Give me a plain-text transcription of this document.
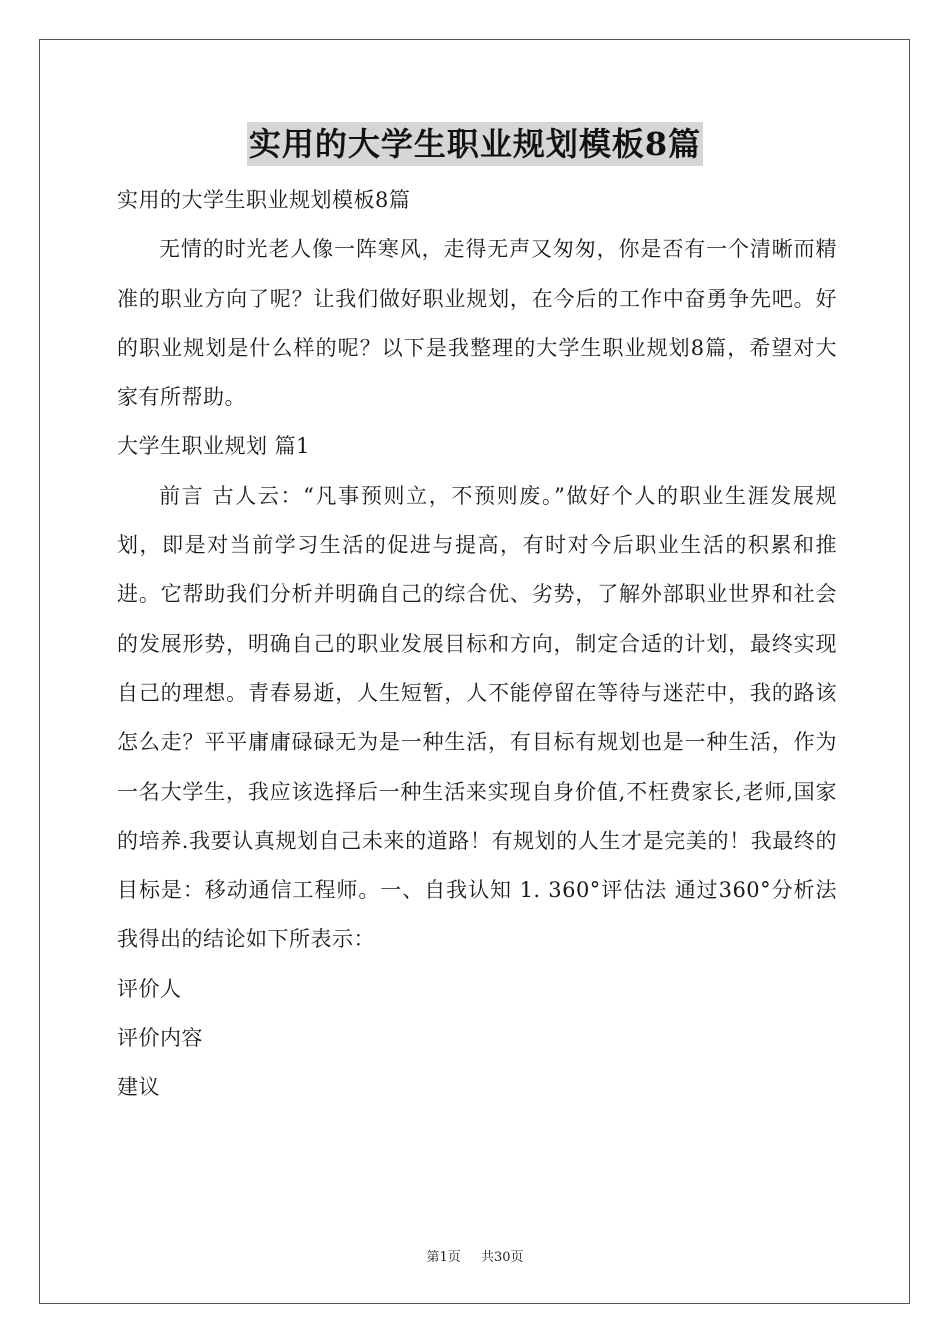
实用的大学生职业规划模板8篇

实用的大学生职业规划模板8篇

无情的时光老人像一阵寒风，走得无声又匆匆，你是否有一个清晰而精准的职业方向了呢？让我们做好职业规划，在今后的工作中奋勇争先吧。好的职业规划是什么样的呢？以下是我整理的大学生职业规划8篇，希望对大家有所帮助。

大学生职业规划 篇1

前言 古人云：“凡事预则立，不预则废。”做好个人的职业生涯发展规划，即是对当前学习生活的促进与提高，有时对今后职业生活的积累和推进。它帮助我们分析并明确自己的综合优、劣势，了解外部职业世界和社会的发展形势，明确自己的职业发展目标和方向，制定合适的计划，最终实现自己的理想。青春易逝，人生短暂，人不能停留在等待与迷茫中，我的路该怎么走？平平庸庸碌碌无为是一种生活，有目标有规划也是一种生活，作为一名大学生，我应该选择后一种生活来实现自身价值,不枉费家长,老师,国家的培养.我要认真规划自己未来的道路！有规划的人生才是完美的！我最终的目标是：移动通信工程师。一、自我认知 1. 360°评估法 通过360°分析法我得出的结论如下所表示：

评价人

评价内容

建议

第1页 共30页
